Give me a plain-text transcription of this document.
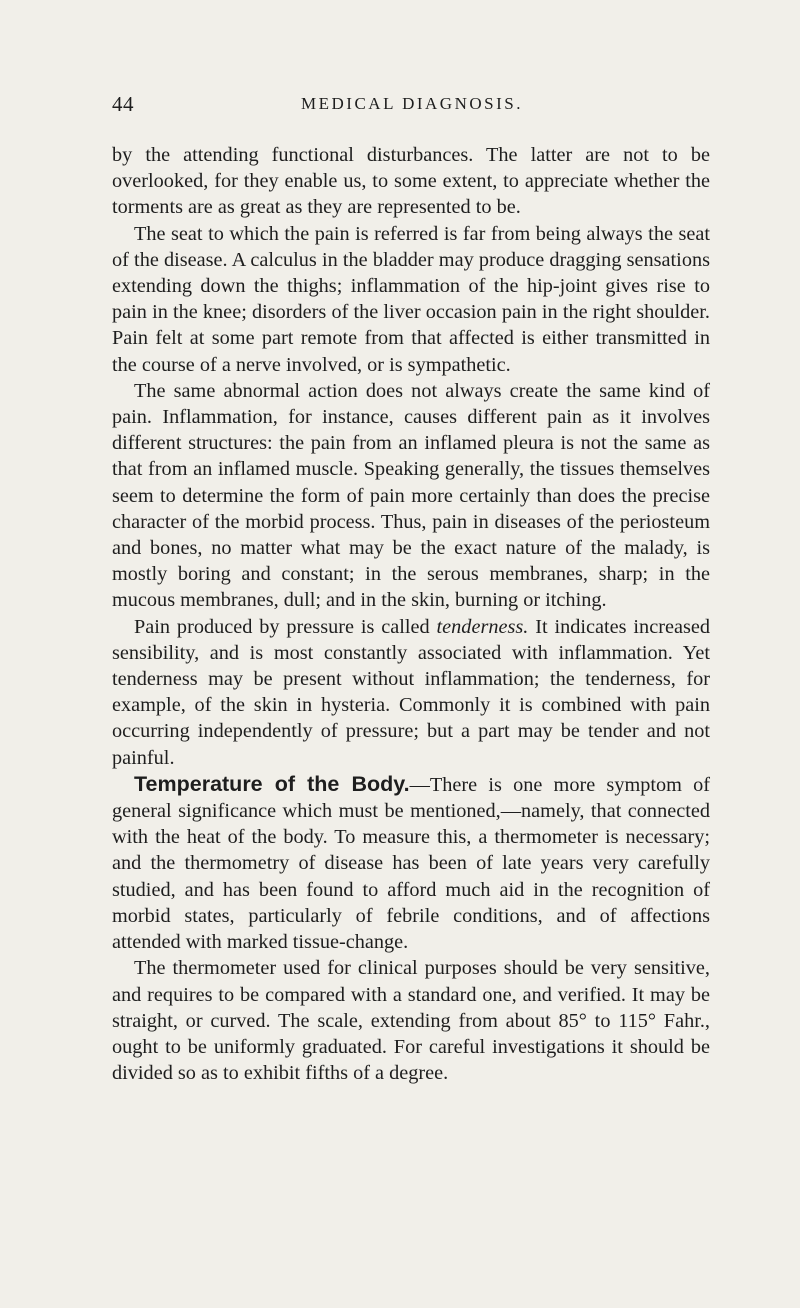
44	MEDICAL DIAGNOSIS.

by the attending functional disturbances. The latter are not to be overlooked, for they enable us, to some extent, to appreciate whether the torments are as great as they are represented to be.

The seat to which the pain is referred is far from being always the seat of the disease. A calculus in the bladder may produce dragging sensations extending down the thighs; inflammation of the hip-joint gives rise to pain in the knee; disorders of the liver occasion pain in the right shoulder. Pain felt at some part remote from that affected is either transmitted in the course of a nerve involved, or is sympathetic.

The same abnormal action does not always create the same kind of pain. Inflammation, for instance, causes different pain as it involves different structures: the pain from an inflamed pleura is not the same as that from an inflamed muscle. Speaking generally, the tissues themselves seem to determine the form of pain more certainly than does the precise character of the morbid process. Thus, pain in diseases of the periosteum and bones, no matter what may be the exact nature of the malady, is mostly boring and constant; in the serous membranes, sharp; in the mucous membranes, dull; and in the skin, burning or itching.

Pain produced by pressure is called tenderness. It indicates increased sensibility, and is most constantly associated with inflammation. Yet tenderness may be present without inflammation; the tenderness, for example, of the skin in hysteria. Commonly it is combined with pain occurring independently of pressure; but a part may be tender and not painful.

Temperature of the Body.—There is one more symptom of general significance which must be mentioned,—namely, that connected with the heat of the body. To measure this, a thermometer is necessary; and the thermometry of disease has been of late years very carefully studied, and has been found to afford much aid in the recognition of morbid states, particularly of febrile conditions, and of affections attended with marked tissue-change.

The thermometer used for clinical purposes should be very sensitive, and requires to be compared with a standard one, and verified. It may be straight, or curved. The scale, extending from about 85° to 115° Fahr., ought to be uniformly graduated. For careful investigations it should be divided so as to exhibit fifths of a degree.
